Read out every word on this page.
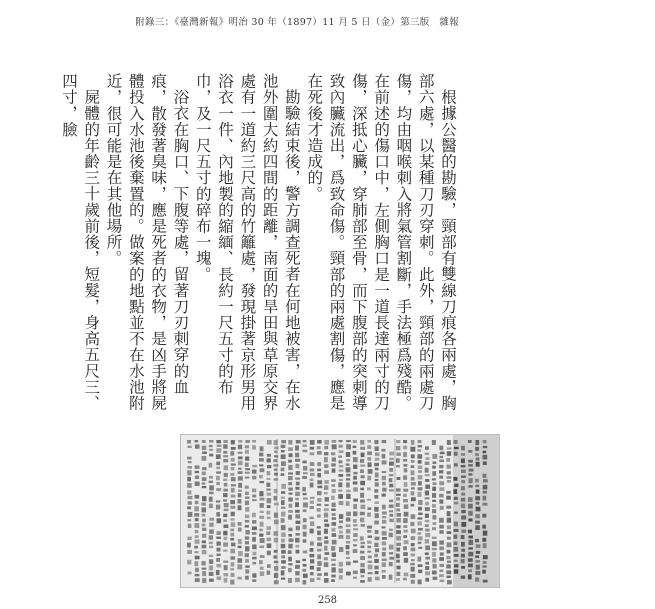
附錄三：《臺灣新報》明治 30 年（1897）11 月 5 日（金）第三版　雜報

根據公醫的勘驗，頸部有雙線刀痕各兩處，胸部六處，以某種刀刃穿刺。此外，頸部的兩處刀傷，均由咽喉刺入將氣管割斷，手法極爲殘酷。在前述的傷口中，左側胸口是一道長達兩寸的刀傷，深抵心臟，穿肺部至骨，而下腹部的突刺導致內臟流出，爲致命傷。頸部的兩處割傷，應是在死後才造成的。

勘驗結束後，警方調查死者在何地被害，在水池外圍大約四間的距離，南面的旱田與草原交界處有一道約三尺高的竹籬處，發現掛著京形男用浴衣一件、內地製的縮緬、長約一尺五寸的布巾，及一尺五寸的碎布一塊。

浴衣在胸口、下腹等處，留著刀刃刺穿的血痕，散發著臭味，應是死者的衣物，是凶手將屍體投入水池後棄置的。做案的地點並不在水池附近，很可能是在其他場所。

屍體的年齡三十歲前後，短髮，身高五尺三、四寸，臉

258
